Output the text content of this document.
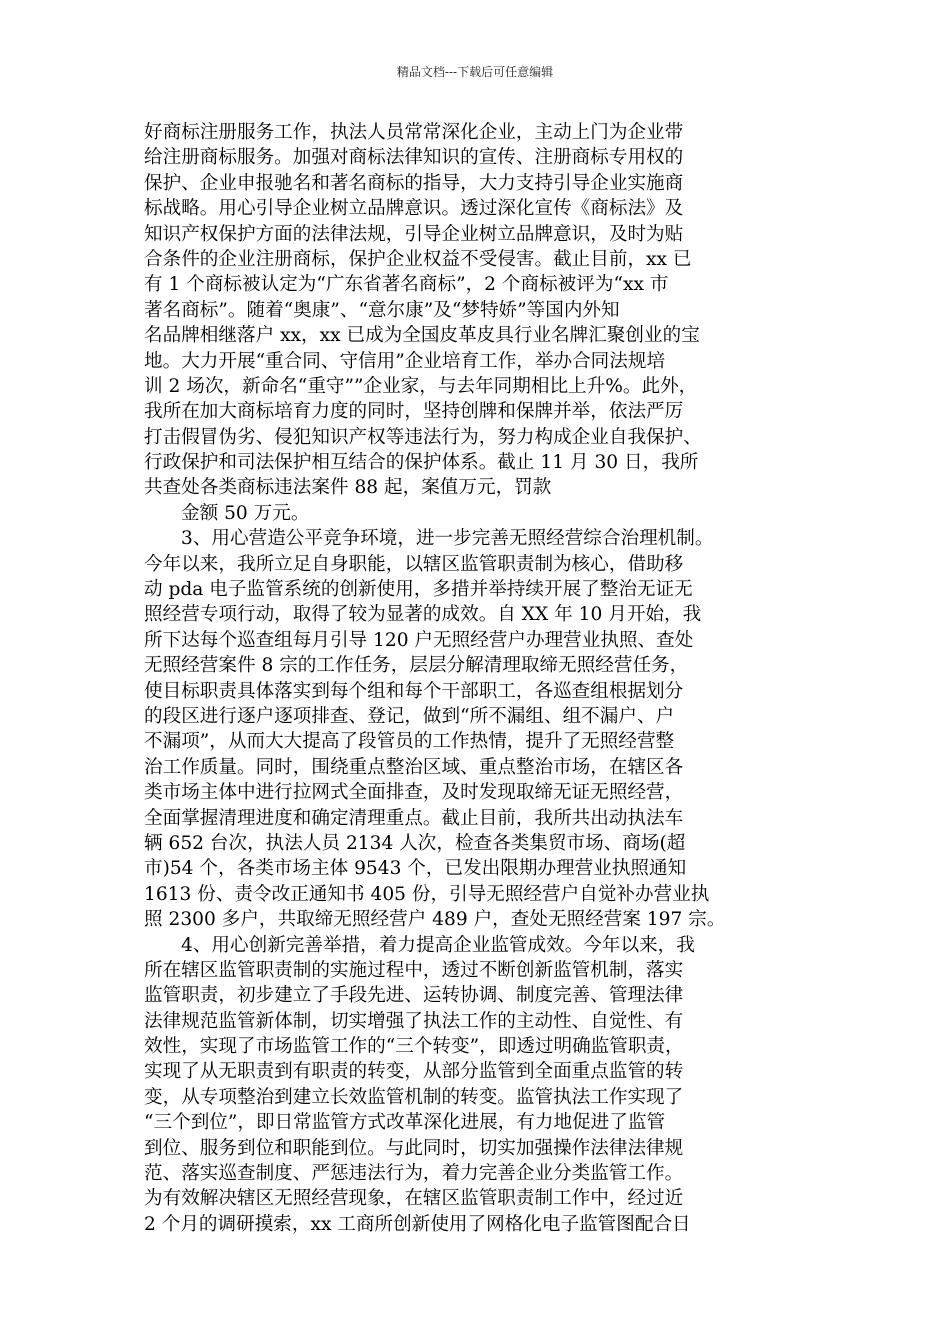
精品文档---下载后可任意编辑
好商标注册服务工作，执法人员常常深化企业，主动上门为企业带
给注册商标服务。加强对商标法律知识的宣传、注册商标专用权的
保护、企业申报驰名和著名商标的指导，大力支持引导企业实施商
标战略。用心引导企业树立品牌意识。透过深化宣传《商标法》及
知识产权保护方面的法律法规，引导企业树立品牌意识，及时为贴
合条件的企业注册商标，保护企业权益不受侵害。截止目前，xx 已
有 1 个商标被认定为“广东省著名商标”，2 个商标被评为“xx 市
著名商标”。随着“奥康”、“意尔康”及“梦特娇”等国内外知
名品牌相继落户 xx，xx 已成为全国皮革皮具行业名牌汇聚创业的宝
地。大力开展“重合同、守信用”企业培育工作，举办合同法规培
训 2 场次，新命名“重守””企业家，与去年同期相比上升%。此外，
我所在加大商标培育力度的同时，坚持创牌和保牌并举，依法严厉
打击假冒伪劣、侵犯知识产权等违法行为，努力构成企业自我保护、
行政保护和司法保护相互结合的保护体系。截止 11 月 30 日，我所
共查处各类商标违法案件 88 起，案值万元，罚款
金额 50 万元。
3、用心营造公平竞争环境，进一步完善无照经营综合治理机制。
今年以来，我所立足自身职能，以辖区监管职责制为核心，借助移
动 pda 电子监管系统的创新使用，多措并举持续开展了整治无证无
照经营专项行动，取得了较为显著的成效。自 XX 年 10 月开始，我
所下达每个巡查组每月引导 120 户无照经营户办理营业执照、查处
无照经营案件 8 宗的工作任务，层层分解清理取缔无照经营任务，
使目标职责具体落实到每个组和每个干部职工，各巡查组根据划分
的段区进行逐户逐项排查、登记，做到“所不漏组、组不漏户、户
不漏项”，从而大大提高了段管员的工作热情，提升了无照经营整
治工作质量。同时，围绕重点整治区域、重点整治市场，在辖区各
类市场主体中进行拉网式全面排查，及时发现取缔无证无照经营，
全面掌握清理进度和确定清理重点。截止目前，我所共出动执法车
辆 652 台次，执法人员 2134 人次，检查各类集贸市场、商场(超
市)54 个，各类市场主体 9543 个，已发出限期办理营业执照通知
1613 份、责令改正通知书 405 份，引导无照经营户自觉补办营业执
照 2300 多户，共取缔无照经营户 489 户，查处无照经营案 197 宗。
4、用心创新完善举措，着力提高企业监管成效。今年以来，我
所在辖区监管职责制的实施过程中，透过不断创新监管机制，落实
监管职责，初步建立了手段先进、运转协调、制度完善、管理法律
法律规范监管新体制，切实增强了执法工作的主动性、自觉性、有
效性，实现了市场监管工作的“三个转变”，即透过明确监管职责，
实现了从无职责到有职责的转变，从部分监管到全面重点监管的转
变，从专项整治到建立长效监管机制的转变。监管执法工作实现了
“三个到位”，即日常监管方式改革深化进展，有力地促进了监管
到位、服务到位和职能到位。与此同时，切实加强操作法律法律规
范、落实巡查制度、严惩违法行为，着力完善企业分类监管工作。
为有效解决辖区无照经营现象，在辖区监管职责制工作中，经过近
2 个月的调研摸索，xx 工商所创新使用了网格化电子监管图配合日
